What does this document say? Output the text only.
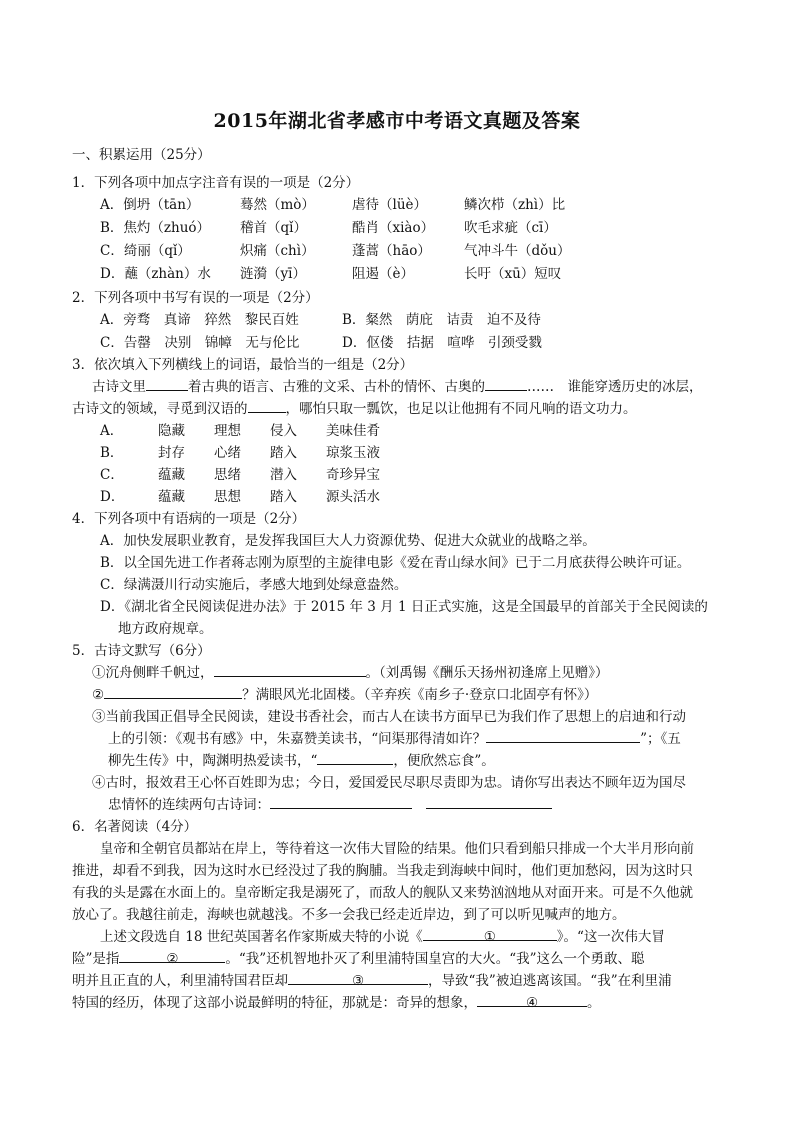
2015年湖北省孝感市中考语文真题及答案
一、积累运用（25分）
1．下列各项中加点字注音有误的一项是（2分）
A．倒坍（tān）	蓦然（mò）	虐待（lüè）	鳞次栉（zhì）比
B．焦灼（zhuó） 稽首（qǐ）	酷肖（xiào） 吹毛求疵（cī）
C．绮丽（qǐ）	炽痛（chì）	蓬蒿（hāo） 气冲斗牛（dǒu）
D．蘸（zhàn）水 涟漪（yī）	阻遏（è）	长吁（xū）短叹
2．下列各项中书写有误的一项是（2分）
A．旁骛　真谛　猝然　黎民百姓	B．粲然　荫庇　诘责　迫不及待
C．告罄　决别　锦幛　无与伦比	D．伛偻　拮据　喧哗　引颈受戮
3．依次填入下列横线上的词语，最恰当的一组是（2分）
古诗文里	着古典的语言、古雅的文采、古朴的情怀、古奥的	……　谁能穿透历史的冰层，
古诗文的领域，寻觅到汉语的	，哪怕只取一瓢饮，也足以让他拥有不同凡响的语文功力。
A．	隐藏 理想 侵入 美味佳肴
B．	封存 心绪 踏入 琼浆玉液
C．	蕴藏 思绪 潜入 奇珍异宝
D． 蕴藏 思想 踏入 源头活水
4．下列各项中有语病的一项是（2分）
A．加快发展职业教育，是发挥我国巨大人力资源优势、促进大众就业的战略之举。
B．以全国先进工作者蒋志刚为原型的主旋律电影《爱在青山绿水间》已于二月底获得公映许可证。
C．绿满滠川行动实施后，孝感大地到处绿意盎然。
D．《湖北省全民阅读促进办法》于 2015 年 3 月 1 日正式实施，这是全国最早的首部关于全民阅读的
地方政府规章。
5．古诗文默写（6分）
①沉舟侧畔千帆过，	。（刘禹锡《酬乐天扬州初逢席上见赠》）
②	？满眼风光北固楼。（辛弃疾《南乡子·登京口北固亭有怀》）
③当前我国正倡导全民阅读，建设书香社会，而古人在读书方面早已为我们作了思想上的启迪和行动
上的引领：《观书有感》中，朱嘉赞美读书，“问渠那得清如许？	”；《五
柳先生传》中，陶渊明热爱读书，“	，便欣然忘食”。
④古时，报效君王心怀百姓即为忠；今日，爱国爱民尽职尽责即为忠。请你写出表达不顾年迈为国尽
忠情怀的连续两句古诗词：
6．名著阅读（4分）
皇帝和全朝官员都站在岸上，等待着这一次伟大冒险的结果。他们只看到船只排成一个大半月形向前
推进，却看不到我，因为这时水已经没过了我的胸脯。当我走到海峡中间时，他们更加愁闷，因为这时只
有我的头是露在水面上的。皇帝断定我是溺死了，而敌人的舰队又来势汹汹地从对面开来。可是不久他就
放心了。我越往前走，海峡也就越浅。不多一会我已经走近岸边，到了可以听见喊声的地方。
上述文段选自 18 世纪英国著名作家斯威夫特的小说《	①	》。“这一次伟大冒
险”是指	②	。“我”还机智地扑灭了利里浦特国皇宫的大火。“我”这么一个勇敢、聪
明并且正直的人，利里浦特国君臣却	③	，导致“我”被迫逃离该国。“我”在利里浦
特国的经历，体现了这部小说最鲜明的特征，那就是：奇异的想象，	④	。
